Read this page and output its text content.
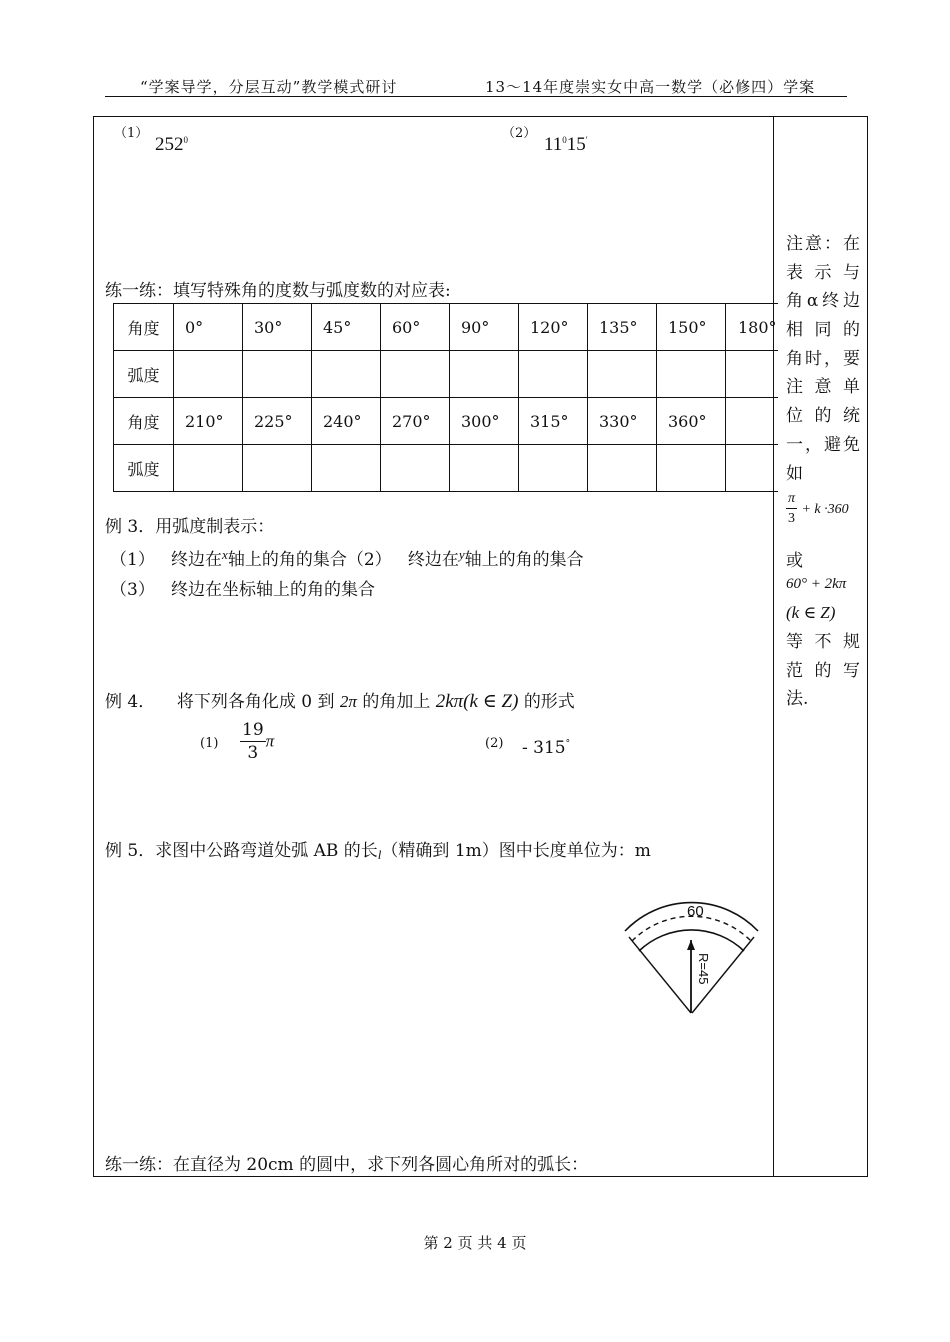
“学案导学，分层互动”教学模式研讨	13～14年度崇实女中高一数学（必修四）学案
（1）
$252^0$	（2）
$11^015'$
练一练：填写特殊角的度数与弧度数的对应表:
角度	0°	30°	45°	60°	90°	120°	135°	150°	180°
弧度									
角度	210°	225°	240°	270°	300°	315°	330°	360°	
弧度									
例 3．用弧度制表示：
（1） 终边在$^x$轴上的角的集合（2） 终边在$^y$轴上的角的集合
（3） 终边在坐标轴上的角的集合
例 4． 将下列各角化成 0 到 2π 的角加上 2kπ(k ∈ Z) 的形式
$(1) \frac{19}{3}$ π	(2) - 315°
例 5．求图中公路弯道处弧 AB 的长l（精确到 1m）图中长度单位为：m
60
R=45
练一练：在直径为 20cm 的圆中，求下列各圆心角所对的弧长：
注意：在
表 示 与
角α终边
相 同 的
角时，要
注 意 单
位 的 统
一，避免
如
$\frac{\pi}{3} + k \cdot 360$
或
60° + 2kπ
(k ∈ Z)
等 不 规
范 的 写
法.
第 2 页 共 4 页
